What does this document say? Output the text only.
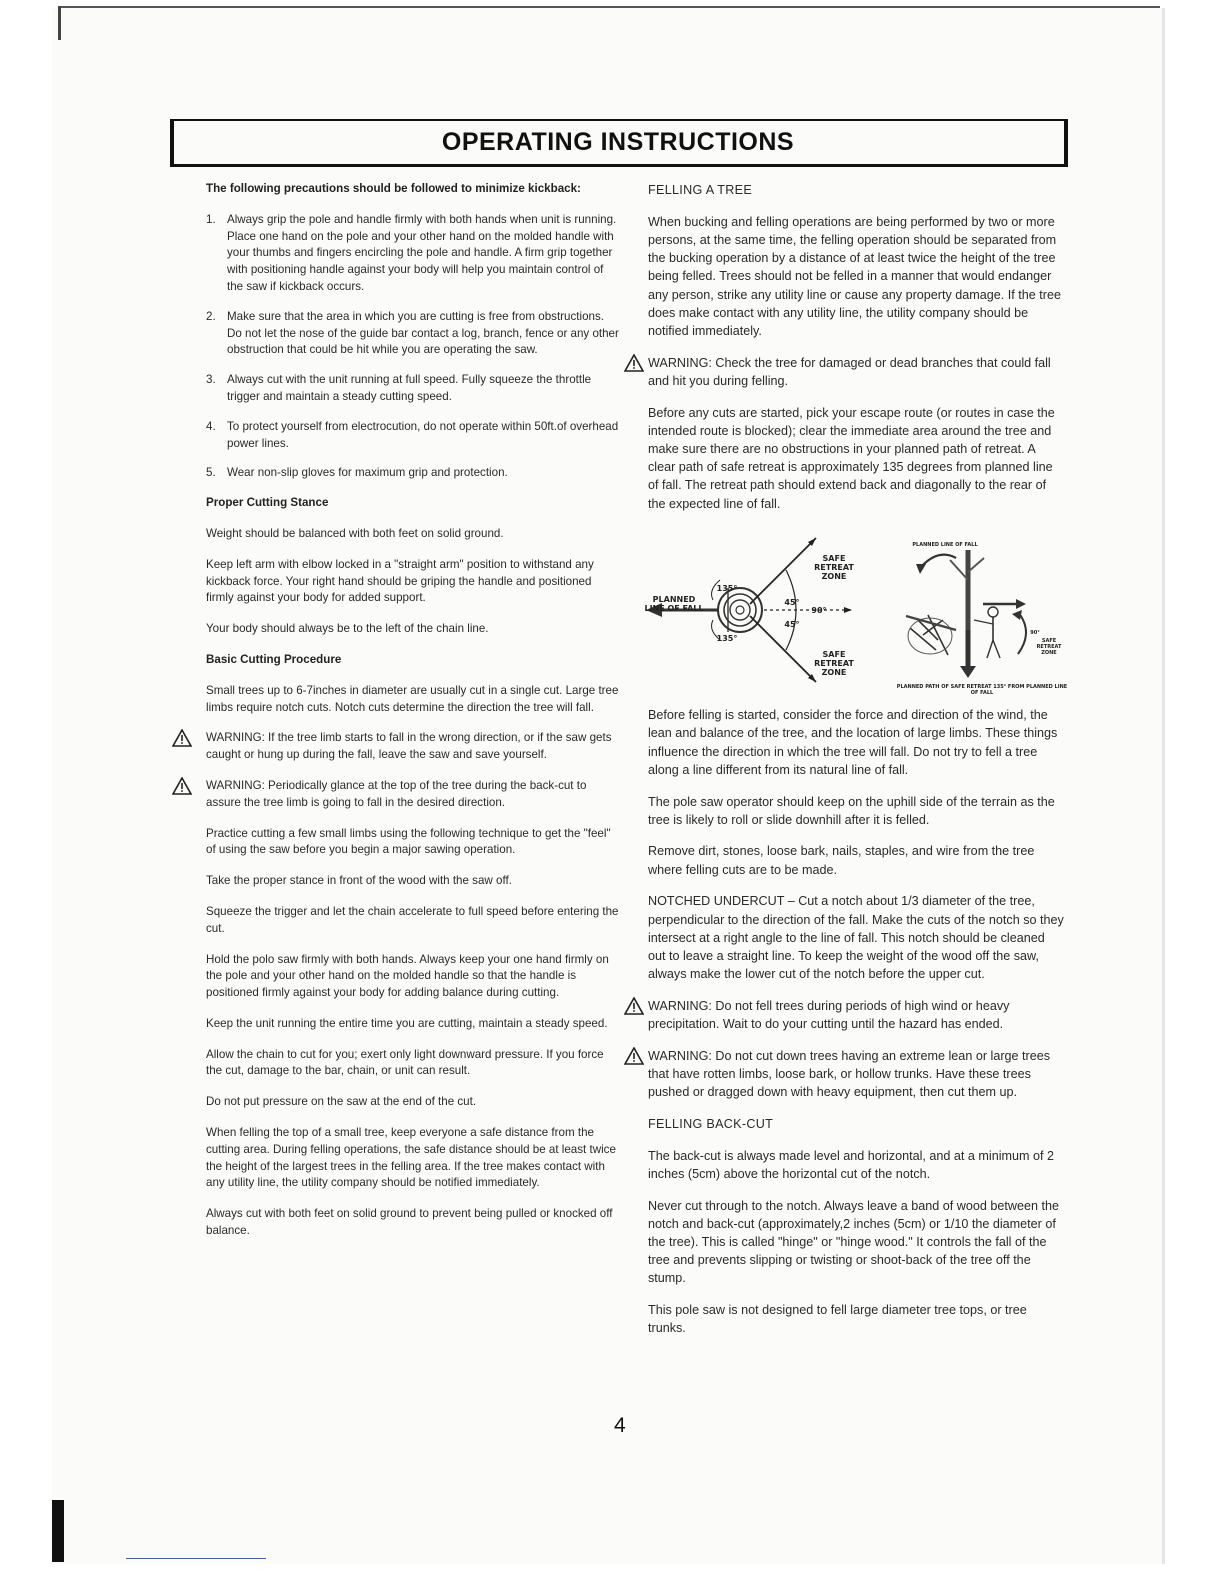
OPERATING INSTRUCTIONS

The following precautions should be followed to minimize kickback:

1. Always grip the pole and handle firmly with both hands when unit is running. Place one hand on the pole and your other hand on the molded handle with your thumbs and fingers encircling the pole and handle. A firm grip together with positioning handle against your body will help you maintain control of the saw if kickback occurs.
2. Make sure that the area in which you are cutting is free from obstructions. Do not let the nose of the guide bar contact a log, branch, fence or any other obstruction that could be hit while you are operating the saw.
3. Always cut with the unit running at full speed. Fully squeeze the throttle trigger and maintain a steady cutting speed.
4. To protect yourself from electrocution, do not operate within 50ft.of overhead power lines.
5. Wear non-slip gloves for maximum grip and protection.

Proper Cutting Stance

Weight should be balanced with both feet on solid ground.

Keep left arm with elbow locked in a "straight arm" position to withstand any kickback force. Your right hand should be griping the handle and positioned firmly against your body for added support.

Your body should always be to the left of the chain line.

Basic Cutting Procedure

Small trees up to 6-7inches in diameter are usually cut in a single cut. Large tree limbs require notch cuts. Notch cuts determine the direction the tree will fall.

WARNING: If the tree limb starts to fall in the wrong direction, or if the saw gets caught or hung up during the fall, leave the saw and save yourself.

WARNING: Periodically glance at the top of the tree during the back-cut to assure the tree limb is going to fall in the desired direction.

Practice cutting a few small limbs using the following technique to get the "feel" of using the saw before you begin a major sawing operation.

Take the proper stance in front of the wood with the saw off.

Squeeze the trigger and let the chain accelerate to full speed before entering the cut.

Hold the polo saw firmly with both hands. Always keep your one hand firmly on the pole and your other hand on the molded handle so that the handle is positioned firmly against your body for adding balance during cutting.

Keep the unit running the entire time you are cutting, maintain a steady speed.

Allow the chain to cut for you; exert only light downward pressure. If you force the cut, damage to the bar, chain, or unit can result.

Do not put pressure on the saw at the end of the cut.

When felling the top of a small tree, keep everyone a safe distance from the cutting area. During felling operations, the safe distance should be at least twice the height of the largest trees in the felling area. If the tree makes contact with any utility line, the utility company should be notified immediately.

Always cut with both feet on solid ground to prevent being pulled or knocked off balance.

FELLING A TREE

When bucking and felling operations are being performed by two or more persons, at the same time, the felling operation should be separated from the bucking operation by a distance of at least twice the height of the tree being felled. Trees should not be felled in a manner that would endanger any person, strike any utility line or cause any property damage. If the tree does make contact with any utility line, the utility company should be notified immediately.

WARNING: Check the tree for damaged or dead branches that could fall and hit you during felling.

Before any cuts are started, pick your escape route (or routes in case the intended route is blocked); clear the immediate area around the tree and make sure there are no obstructions in your planned path of retreat. A clear path of safe retreat is approximately 135 degrees from planned line of fall. The retreat path should extend back and diagonally to the rear of the expected line of fall.

PLANNED LINE OF FALL
SAFE RETREAT ZONE
SAFE RETREAT ZONE
135°
135°
45°
45°
90°
PLANNED LINE OF FALL
SAFE RETREAT ZONE
90°
PLANNED PATH OF SAFE RETREAT 135° FROM PLANNED LINE OF FALL

Before felling is started, consider the force and direction of the wind, the lean and balance of the tree, and the location of large limbs. These things influence the direction in which the tree will fall. Do not try to fell a tree along a line different from its natural line of fall.

The pole saw operator should keep on the uphill side of the terrain as the tree is likely to roll or slide downhill after it is felled.

Remove dirt, stones, loose bark, nails, staples, and wire from the tree where felling cuts are to be made.

NOTCHED UNDERCUT – Cut a notch about 1/3 diameter of the tree, perpendicular to the direction of the fall. Make the cuts of the notch so they intersect at a right angle to the line of fall. This notch should be cleaned out to leave a straight line. To keep the weight of the wood off the saw, always make the lower cut of the notch before the upper cut.

WARNING: Do not fell trees during periods of high wind or heavy precipitation. Wait to do your cutting until the hazard has ended.

WARNING: Do not cut down trees having an extreme lean or large trees that have rotten limbs, loose bark, or hollow trunks. Have these trees pushed or dragged down with heavy equipment, then cut them up.

FELLING BACK-CUT

The back-cut is always made level and horizontal, and at a minimum of 2 inches (5cm) above the horizontal cut of the notch.

Never cut through to the notch. Always leave a band of wood between the notch and back-cut (approximately,2 inches (5cm) or 1/10 the diameter of the tree). This is called "hinge" or "hinge wood." It controls the fall of the tree and prevents slipping or twisting or shoot-back of the tree off the stump.

This pole saw is not designed to fell large diameter tree tops, or tree trunks.

4
